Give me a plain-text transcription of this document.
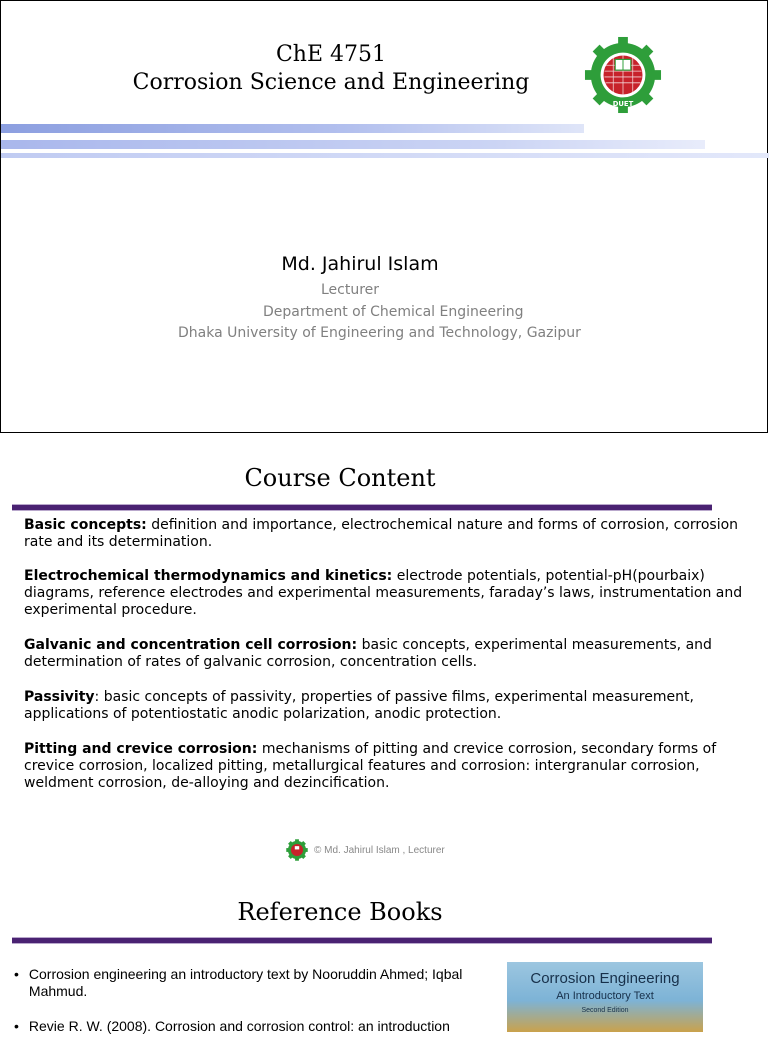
ChE 4751
Corrosion Science and Engineering
DUET
Md. Jahirul Islam
Lecturer
Department of Chemical Engineering
Dhaka University of Engineering and Technology, Gazipur
Course Content
Basic concepts: definition and importance, electrochemical nature and forms of corrosion, corrosion rate and its determination.
Electrochemical thermodynamics and kinetics: electrode potentials, potential-pH(pourbaix) diagrams, reference electrodes and experimental measurements, faraday’s laws, instrumentation and experimental procedure.
Galvanic and concentration cell corrosion: basic concepts, experimental measurements, and determination of rates of galvanic corrosion, concentration cells.
Passivity: basic concepts of passivity, properties of passive films, experimental measurement, applications of potentiostatic anodic polarization, anodic protection.
Pitting and crevice corrosion: mechanisms of pitting and crevice corrosion, secondary forms of crevice corrosion, localized pitting, metallurgical features and corrosion: intergranular corrosion, weldment corrosion, de-alloying and dezincification.
© Md. Jahirul Islam , Lecturer
Reference Books
• Corrosion engineering an introductory text by Nooruddin Ahmed; Iqbal Mahmud.
• Revie R. W. (2008). Corrosion and corrosion control: an introduction
Corrosion Engineering
An Introductory Text
Second Edition
